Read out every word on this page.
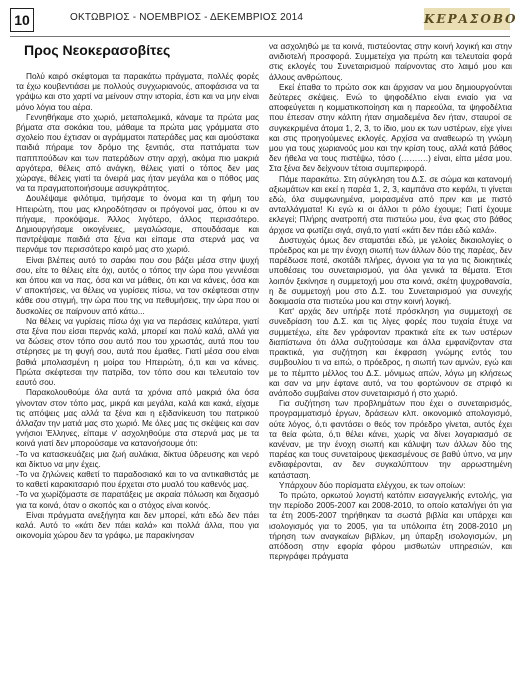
10	ΟΚΤΩΒΡΙΟΣ - ΝΟΕΜΒΡΙΟΣ - ΔΕΚΕΜΒΡΙΟΣ 2014	ΚΕΡΑΣΟΒΟ
Προς Νεοκερασοβίτες

Πολύ καιρό σκέφτομαι τα παρακάτω πράγματα, πολλές φορές τα έχω κουβεντιάσει με πολλούς συγχωριανούς, αποφάσισα να τα γράψω και στο χαρτί να μείνουν στην ιστορία, έστι και να μην είναι μόνο λόγια του αέρα.

Γεννηθήκαμε στο χωριό, μεταπολεμικά, κάναμε τα πρώτα μας βήματα στα σοκάκια του, μάθαμε τα πρώτα μας γράμματα στο σχολείο που έχτισαν οι αγράμματοι πατεράδες μας και αμούστακα παιδιά πήραμε τον δρόμο της ξενιτιάς, στα παττάματα των παπππούδων και των πατεράδων στην αρχή, ακόμα πιο μακριά αργότερα, θέλεις από ανάγκη, θέλεις γιατί ο τόπος δεν μας χώραγε, θέλεις γιατί τα όνειρά μας ήταν μεγάλα και ο πόθος μας να τα πραγματοποιήσουμε ασυγκράτητος.

Δουλέψαμε φιλότιμα, τιμήσαμε το όνομα και τη φήμη του Ηπειρώτη, που μας κληροδότησαν οι πρόγονοί μας, όπου κι αν πήγαμε, προκόψαμε. Άλλος λιγότερο, άλλος περισσότερο. Δημιουργήσαμε οικογένειες, μεγαλώσαμε, σπουδάσαμε και παντρέψαμε παιδιά στα ξένα και είπαμε στα στερνά μας να περνάμε τον περισσότερο καιρό μας στο χωριό.

Είναι βλέπεις αυτό το σαράκι που σου βάζει μέσα στην ψυχή σου, είτε το θέλεις είτε όχι, αυτός ο τόπος την ώρα που γεννιέσαι και όπου και να πας, όσα και να μάθεις, ότι και να κάνεις, όσα και ν' αποκτήσεις, να θέλεις να γυρίσεις πίσω, να τον σκέφτεσαι στην κάθε σου στιγμή, την ώρα που της να πεθυμήσεις, την ώρα που οι δυσκολίες σε παίρνουν από κάτω...

Να θέλεις να γυρίσεις πίσω όχι για να περάσεις καλύτερα, γιατί στα ξένα που είσαι περνάς καλά, μπορεί και πολύ καλά, αλλά για να δώσεις στον τόπο σου αυτό που του χρωστάς, αυτά που του στέρησες με τη φυγή σου, αυτά που έμαθες. Γιατί μέσα σου είναι βαθιά μπολιασμένη η μοίρα του Ηπειρώτη, ό,τι και να κάνεις. Πρώτα σκέφτεσαι την πατρίδα, τον τόπο σου και τελευταίο τον εαυτό σου.

Παρακολουθούμε όλα αυτά τα χρόνια από μακριά όλα όσα γίνονταν στον τόπο μας, μικρά και μεγάλα, καλά και κακά, είχαμε τις απόψεις μας αλλά τα ξένα και η εξιδανίκευση του πατρικού άλλαζαν την ματιά μας στο χωριό. Με όλες μας τις σκέψεις και σαν γνήσιοι Έλληνες, είπαμε ν' ασχοληθούμε στα στερνά μας με τα κοινά γιατί δεν μπορούσαμε να κατανοήσουμε ότι:

-Το να κατασκευάζεις μια ζωή αυλάκια, δίκτυα ύδρευσης και νερό και δίκτυο να μην έχεις.

-Το να ζηλώνεις καθετί το παραδοσιακό και το να αντικαθιστάς με το καθετί καρακιτσαριό που έρχεται στο μυαλό του καθενός μας.

-Το να χωρίζόμαστε σε παρατάξεις με ακραία πόλωση και διχασμό για τα κοινά, όταν ο σκοπός και ο στόχος είναι κοινός.

Είναι πράγματα ανεξήγητα και δεν μπορεί, κάτι εδώ δεν πάει καλά. Αυτό το «κάτι δεν πάει καλά» και πολλά άλλα, που για οικονομία χώρου δεν τα γράφω, με παρακίνησαν

να ασχοληθώ με τα κοινά, πιστεύοντας στην κοινή λογική και στην ανιδιοτελή προσφορά. Συμμετείχα για πρώτη και τελευταία φορά στις εκλογές του Συνεταιρισμού παίρνοντας στο λαιμό μου και άλλους ανθρώπους.

Εκεί έπαθα το πρώτο σοκ και άρχισαν να μου δημιουργούνται δεύτερες σκέψεις. Ενώ το ψηφοδέλτιο είναι ενιαίο για να αποφεύγεται η κομματικοποίηση και η παρεούλα, τα ψηφοδέλτια που έπεσαν στην κάλπη ήταν σημαδεμένα δεν ήταν, σταυροί σε συγκεκριμένα άτομα 1, 2, 3, το ίδιο, μου εκ των υστέρων, είχε γίνει και στις προηγούμενες εκλογές. Αρχίσα να αναθεωρώ τη γνώμη μου για τους χωριανούς μου και την κρίση τους, αλλά κατά βάθος δεν ήθελα να τους πιστέψω, τόσο (……….) είναι, είπα μέσα μου. Στα ξένα δεν δείχνουν τέτοια συμπεριφορά.

Πάμε παρακάτω. Στη σύγκληση του Δ.Σ. σε σώμα και κατανομή αξιωμάτων και εκεί η παρέα 1, 2, 3, καμπάνα στο κεφάλι, τι γίνεται εδώ, όλα συμφωνημένα, μοιρασμένα από πριν και με πιστό ανταλλάγματα! Κι εγώ κι οι άλλοι τι ρόλο έχουμε; Γιατί έχουμε εκλεγεί; Πλήρης ανατροπή στα πιστεύω μου, ένα φως στο βάθος άρχισε να φωτίζει σιγά, σιγά,το γιατί «κάτι δεν πάει εδώ καλά».

Δυστυχώς όμως δεν σταματάει εδώ, με γελοίες δικαιολογίες ο πρόεδρος και με την ένοχη σιωπή των άλλων δύο της παρέας, δεν παρέδωσε ποτέ, σκοτάδι πλήρες, άγνοια για τα για τις διοικητικές υποθέσεις του συνεταιρισμού, για όλα γενικά τα θέματα. Έτσι λοιπόν ξεκίνησε η συμμετοχή μου στα κοινά, σκέτη ψυχροθανσία, η δε συμμετοχή μου στο Δ.Σ. του Συνεταιρισμού για συνεχής δοκιμασία στα πιστεύω μου και στην κοινή λογική.

Κατ' αρχάς δεν υπήρξε ποτέ πρόσκληση για συμμετοχή σε συνεδρίαση του Δ.Σ. και τις λίγες φορές που τυχαία έτυχε να συμμετέχω, είτε δεν γράφονταν πρακτικά είτε εκ των υστέρων διαπίστωνα ότι άλλα συζητούσαμε και άλλα εμφανίζονταν στα πρακτικά, για συζήτηση και έκφραση γνώμης εντός του συμβουλίου τι να ειπώ, ο πρόεδρος, η σιωπή των αμνών, εγώ και με το πέμπτο μέλλος του Δ.Σ. μόνιμως απών, λόγω μη κλήσεως και σαν να μην έφτανε αυτό, να του φορτώνουν σε στριφό κι ανάποδο συμβαίνει στον συνεταιρισμό ή στο χωριό.

Για συζήτηση των προβλημάτων που έχει ο συνεταιρισμός, προγραμματισμό έργων, δράσεων κλπ. οικονομικό απολογισμό, ούτε λόγος, ό,τι φαντάσει ο θεός τον πρόεδρο γίνεται, αυτός έχει τα θεία φώτα, ό,τι θέλει κάνει, χωρίς να δίνει λογαριασμό σε κανέναν, με την ένοχη σιωπή και κάλυψη των άλλων δύο της παρέας και τους συνεταίρους ψεκασμένους σε βαθύ ύπνο, να μην ενδιαφέρονται, αν δεν συγκαλύπτουν την αρρωστημένη κατάσταση.

Υπάρχουν δύο πορίσματα ελέγχου, εκ των οποίων:

Το πρώτο, ορκωτού λογιστή κατόπιν εισαγγελικής εντολής, για την περίοδο 2005-2007 και 2008-2010, το οποίο καταλήγει ότι για τα έτη 2005-2007 τηρήθηκαν τα σωστά βιβλία και υπάρχει και ισολογισμός για το 2005, για τα υπόλοιπα έτη 2008-2010 μη τήρηση των αναγκαίων βιβλίων, μη ύπαρξη ισολογισμών, μη απόδοση στην εφορία φόρου μισθωτών υπηρεσιών, και περιγράφει πράγματα
